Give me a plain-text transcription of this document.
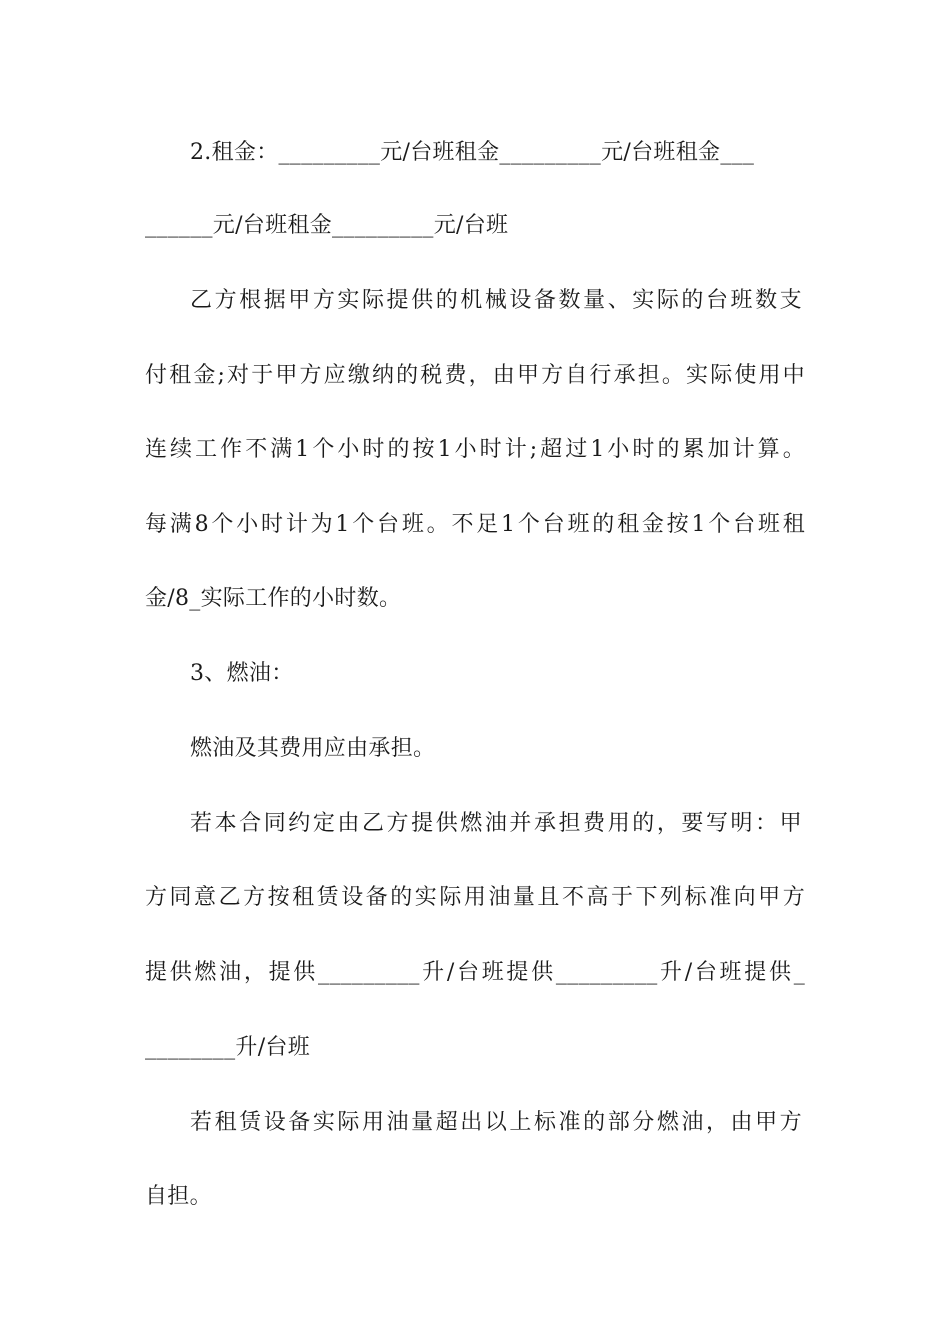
2.租金：_________元/台班租金_________元/台班租金___
______元/台班租金_________元/台班
乙方根据甲方实际提供的机械设备数量、实际的台班数支
付租金;对于甲方应缴纳的税费，由甲方自行承担。实际使用中
连续工作不满1个小时的按1小时计;超过1小时的累加计算。
每满8个小时计为1个台班。不足1个台班的租金按1个台班租
金/8_实际工作的小时数。
3、燃油：
燃油及其费用应由承担。
若本合同约定由乙方提供燃油并承担费用的，要写明：甲
方同意乙方按租赁设备的实际用油量且不高于下列标准向甲方
提供燃油，提供_________升/台班提供_________升/台班提供_
________升/台班
若租赁设备实际用油量超出以上标准的部分燃油，由甲方
自担。
